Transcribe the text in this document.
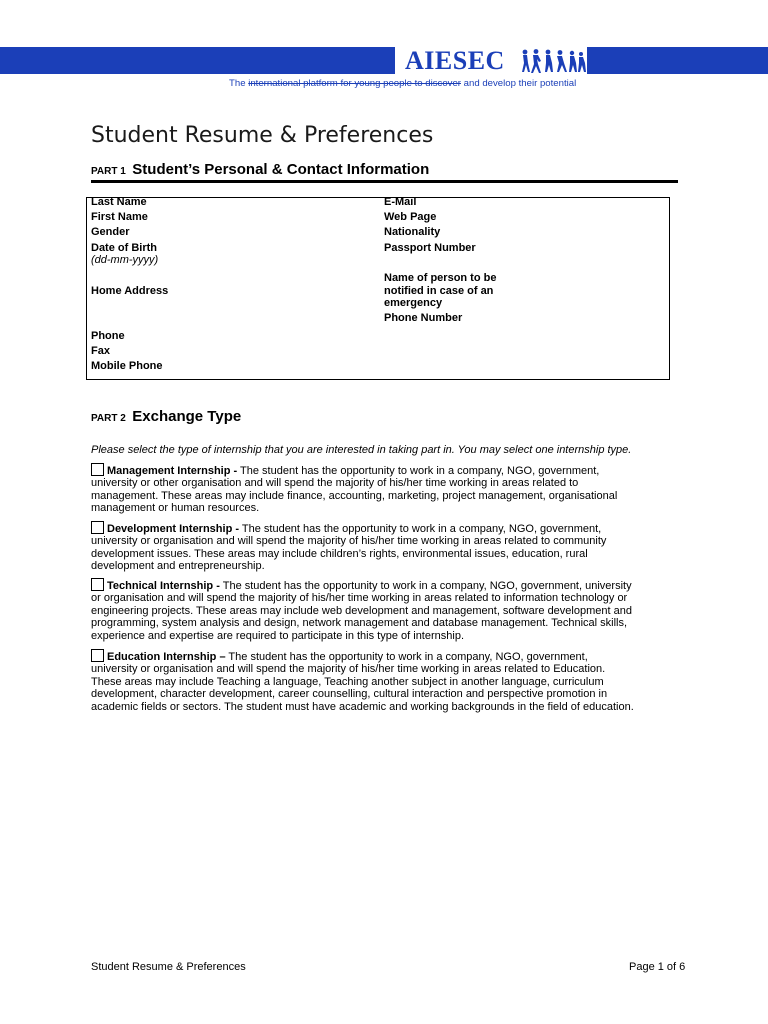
AIESEC
The international platform for young people to discover and develop their potential
Student Resume & Preferences
PART 1 Student’s Personal & Contact Information
Last Name
First Name
Gender
Date of Birth
(dd-mm-yyyy)
Home Address
Phone
Fax
Mobile Phone
E-Mail
Web Page
Nationality
Passport Number
Name of person to be
notified in case of an
emergency
Phone Number
PART 2 Exchange Type
Please select the type of internship that you are interested in taking part in. You may select one internship type.
Management Internship - The student has the opportunity to work in a company, NGO, government,
university or other organisation and will spend the majority of his/her time working in areas related to
management. These areas may include finance, accounting, marketing, project management, organisational
management or human resources.
Development Internship - The student has the opportunity to work in a company, NGO, government,
university or organisation and will spend the majority of his/her time working in areas related to community
development issues. These areas may include children’s rights, environmental issues, education, rural
development and entrepreneurship.
Technical Internship - The student has the opportunity to work in a company, NGO, government, university
or organisation and will spend the majority of his/her time working in areas related to information technology or
engineering projects. These areas may include web development and management, software development and
programming, system analysis and design, network management and database management. Technical skills,
experience and expertise are required to participate in this type of internship.
Education Internship – The student has the opportunity to work in a company, NGO, government,
university or organisation and will spend the majority of his/her time working in areas related to Education.
These areas may include Teaching a language, Teaching another subject in another language, curriculum
development, character development, career counselling, cultural interaction and perspective promotion in
academic fields or sectors. The student must have academic and working backgrounds in the field of education.
Student Resume & Preferences	Page 1 of 6
